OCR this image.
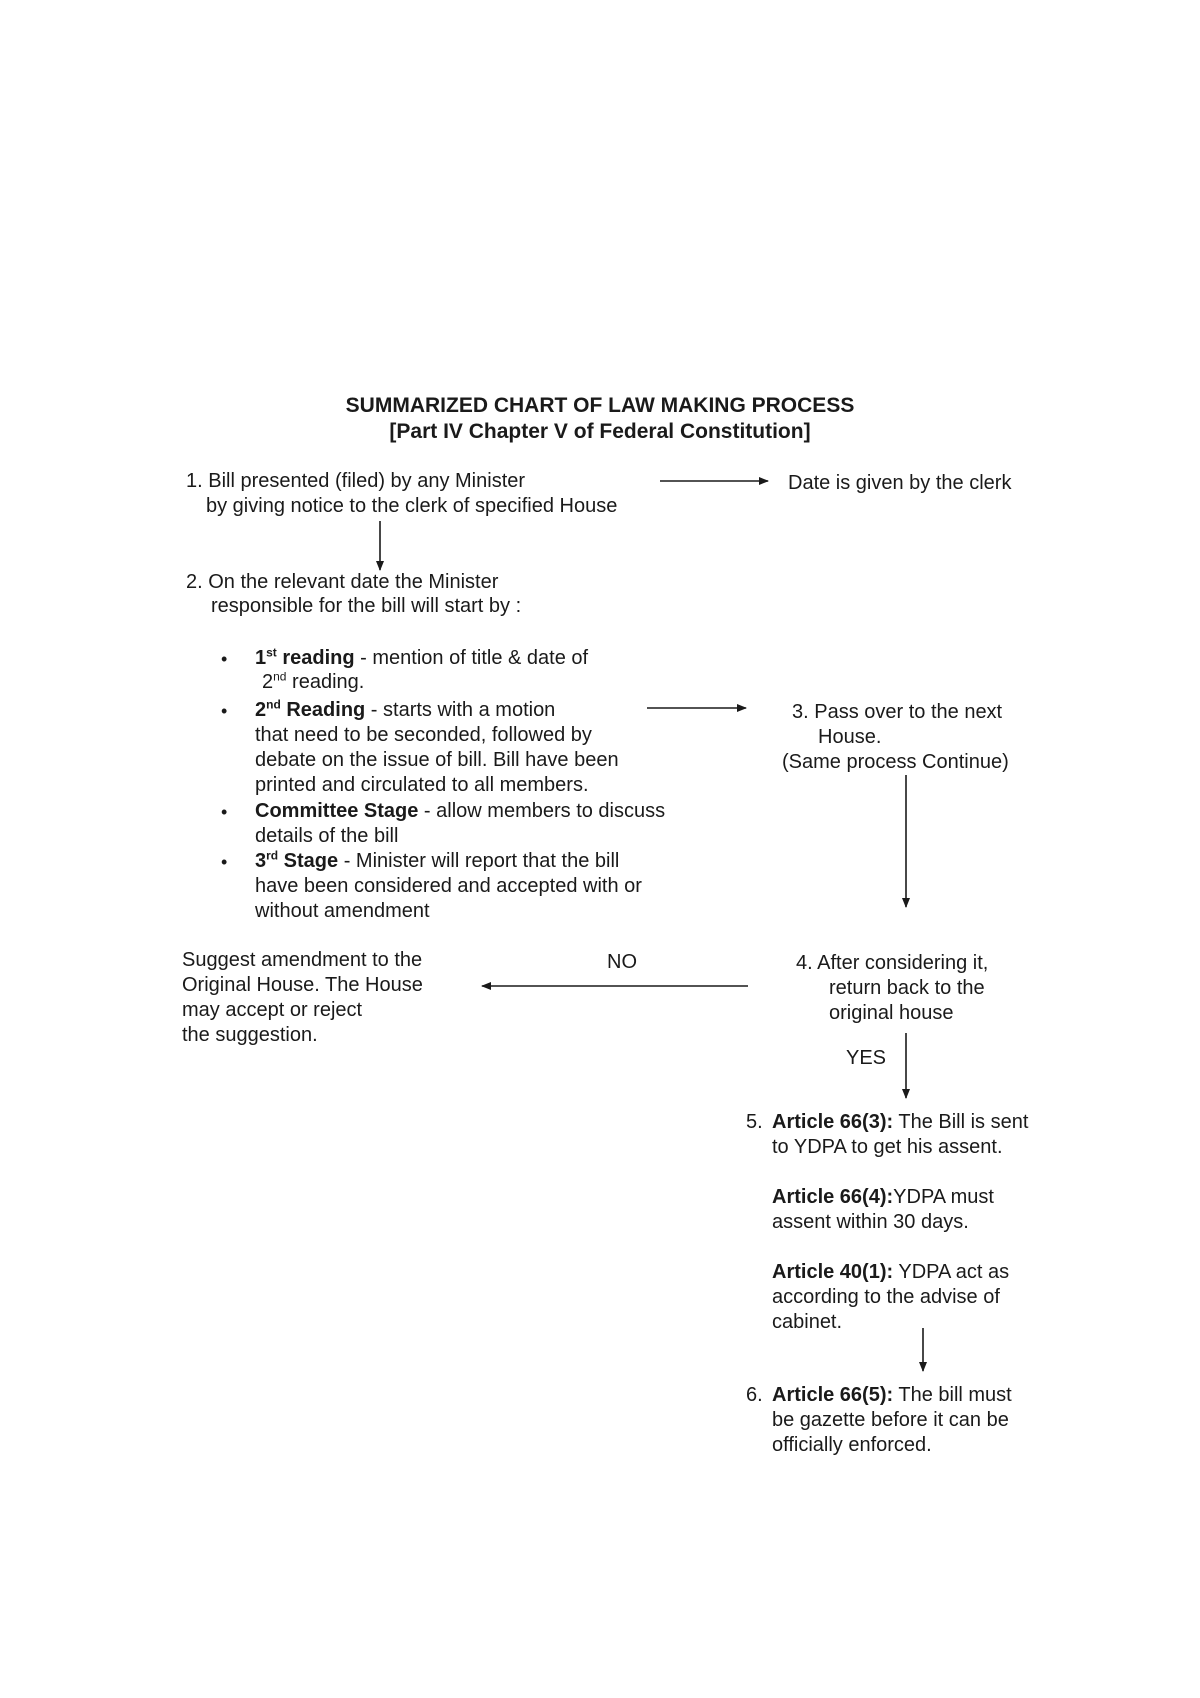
SUMMARIZED CHART OF LAW MAKING PROCESS
[Part IV Chapter V of Federal Constitution]
1. Bill presented (filed) by any Minister
by giving notice to the clerk of specified House
Date is given by the clerk
2. On the relevant date the Minister
responsible for the bill will start by :
• 1st reading - mention of title & date of
2nd reading.
• 2nd Reading - starts with a motion
that need to be seconded, followed by
debate on the issue of bill. Bill have been
printed and circulated to all members.
• Committee Stage - allow members to discuss
details of the bill
• 3rd Stage - Minister will report that the bill
have been considered and accepted with or
without amendment
3. Pass over to the next
House.
(Same process Continue)
Suggest amendment to the
Original House. The House
may accept or reject
the suggestion.
NO	4. After considering it,
return back to the
original house
YES
5. Article 66(3): The Bill is sent
to YDPA to get his assent.
Article 66(4):YDPA must
assent within 30 days.
Article 40(1): YDPA act as
according to the advise of
cabinet.
6. Article 66(5): The bill must
be gazette before it can be
officially enforced.
